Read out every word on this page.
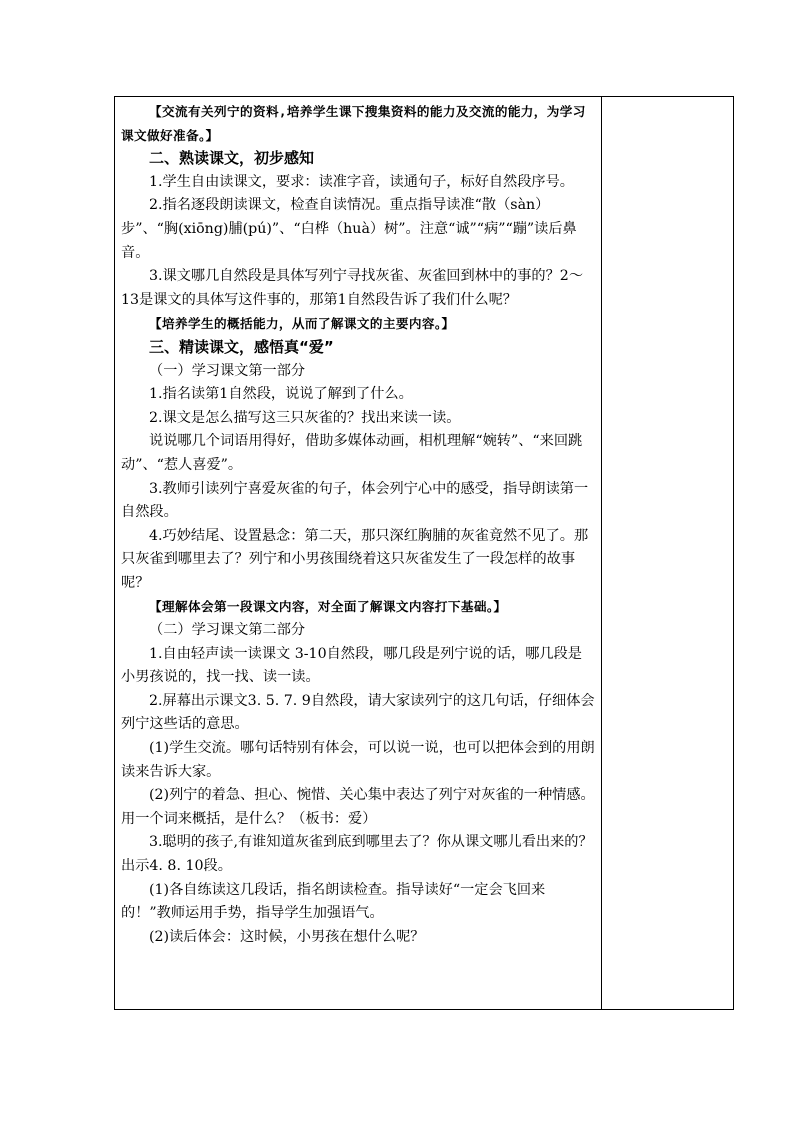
【交流有关列宁的资料,培养学生课下搜集资料的能力及交流的能力，为学习课文做好准备。】

二、熟读课文，初步感知

1.学生自由读课文，要求：读准字音，读通句子，标好自然段序号。

2.指名逐段朗读课文，检查自读情况。重点指导读准“散（sàn）步”、“胸(xiōng)脯(pú)”、“白桦（huà）树”。注意“诚”“病”“蹦”读后鼻音。

3.课文哪几自然段是具体写列宁寻找灰雀、灰雀回到林中的事的？2～13是课文的具体写这件事的，那第1自然段告诉了我们什么呢？

【培养学生的概括能力，从而了解课文的主要内容。】

三、精读课文，感悟真“爱”

（一）学习课文第一部分

1.指名读第1自然段，说说了解到了什么。

2.课文是怎么描写这三只灰雀的？找出来读一读。

说说哪几个词语用得好，借助多媒体动画，相机理解“婉转”、“来回跳动”、“惹人喜爱”。

3.教师引读列宁喜爱灰雀的句子，体会列宁心中的感受，指导朗读第一自然段。

4.巧妙结尾、设置悬念：第二天，那只深红胸脯的灰雀竟然不见了。那只灰雀到哪里去了？列宁和小男孩围绕着这只灰雀发生了一段怎样的故事呢？

【理解体会第一段课文内容，对全面了解课文内容打下基础。】

（二）学习课文第二部分

1.自由轻声读一读课文 3-10自然段，哪几段是列宁说的话，哪几段是小男孩说的，找一找、读一读。

2.屏幕出示课文3. 5. 7. 9自然段，请大家读列宁的这几句话，仔细体会列宁这些话的意思。

(1)学生交流。哪句话特别有体会，可以说一说，也可以把体会到的用朗读来告诉大家。

(2)列宁的着急、担心、惋惜、关心集中表达了列宁对灰雀的一种情感。用一个词来概括，是什么？（板书：爱）

3.聪明的孩子,有谁知道灰雀到底到哪里去了？你从课文哪儿看出来的？出示4. 8. 10段。

(1)各自练读这几段话，指名朗读检查。指导读好“一定会飞回来的！”教师运用手势，指导学生加强语气。

(2)读后体会：这时候，小男孩在想什么呢？
